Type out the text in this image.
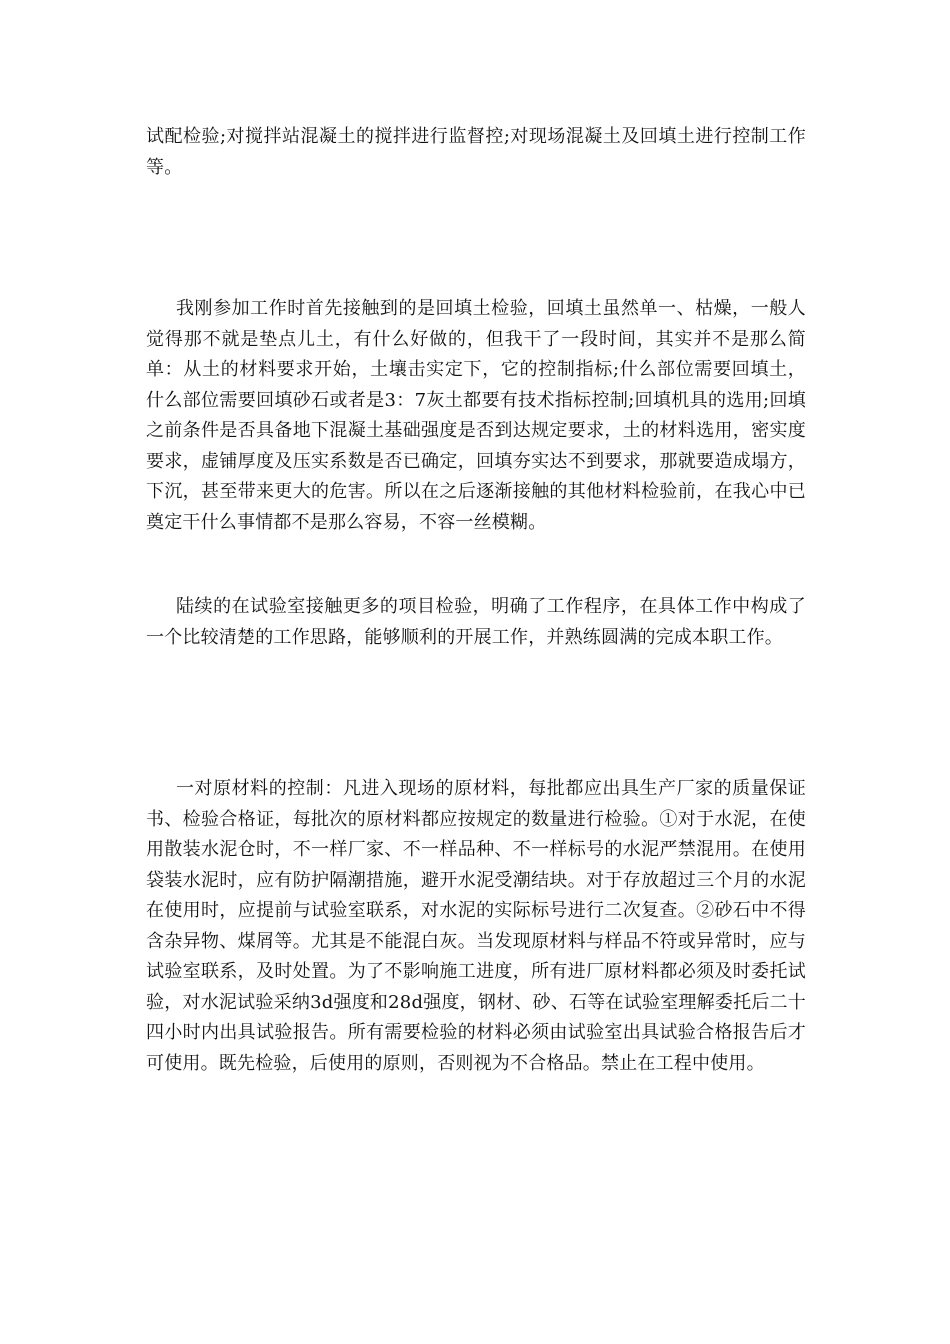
试配检验;对搅拌站混凝土的搅拌进行监督控;对现场混凝土及回填土进行控制工作等。

我刚参加工作时首先接触到的是回填土检验，回填土虽然单一、枯燥，一般人觉得那不就是垫点儿土，有什么好做的，但我干了一段时间，其实并不是那么简单：从土的材料要求开始，土壤击实定下，它的控制指标;什么部位需要回填土，什么部位需要回填砂石或者是3：7灰土都要有技术指标控制;回填机具的选用;回填之前条件是否具备地下混凝土基础强度是否到达规定要求，土的材料选用，密实度要求，虚铺厚度及压实系数是否已确定，回填夯实达不到要求，那就要造成塌方，下沉，甚至带来更大的危害。所以在之后逐渐接触的其他材料检验前，在我心中已奠定干什么事情都不是那么容易，不容一丝模糊。

陆续的在试验室接触更多的项目检验，明确了工作程序，在具体工作中构成了一个比较清楚的工作思路，能够顺利的开展工作，并熟练圆满的完成本职工作。

一对原材料的控制：凡进入现场的原材料，每批都应出具生产厂家的质量保证书、检验合格证，每批次的原材料都应按规定的数量进行检验。①对于水泥，在使用散装水泥仓时，不一样厂家、不一样品种、不一样标号的水泥严禁混用。在使用袋装水泥时，应有防护隔潮措施，避开水泥受潮结块。对于存放超过三个月的水泥在使用时，应提前与试验室联系，对水泥的实际标号进行二次复查。②砂石中不得含杂异物、煤屑等。尤其是不能混白灰。当发现原材料与样品不符或异常时，应与试验室联系，及时处置。为了不影响施工进度，所有进厂原材料都必须及时委托试验，对水泥试验采纳3d强度和28d强度，钢材、砂、石等在试验室理解委托后二十四小时内出具试验报告。所有需要检验的材料必须由试验室出具试验合格报告后才可使用。既先检验，后使用的原则，否则视为不合格品。禁止在工程中使用。
